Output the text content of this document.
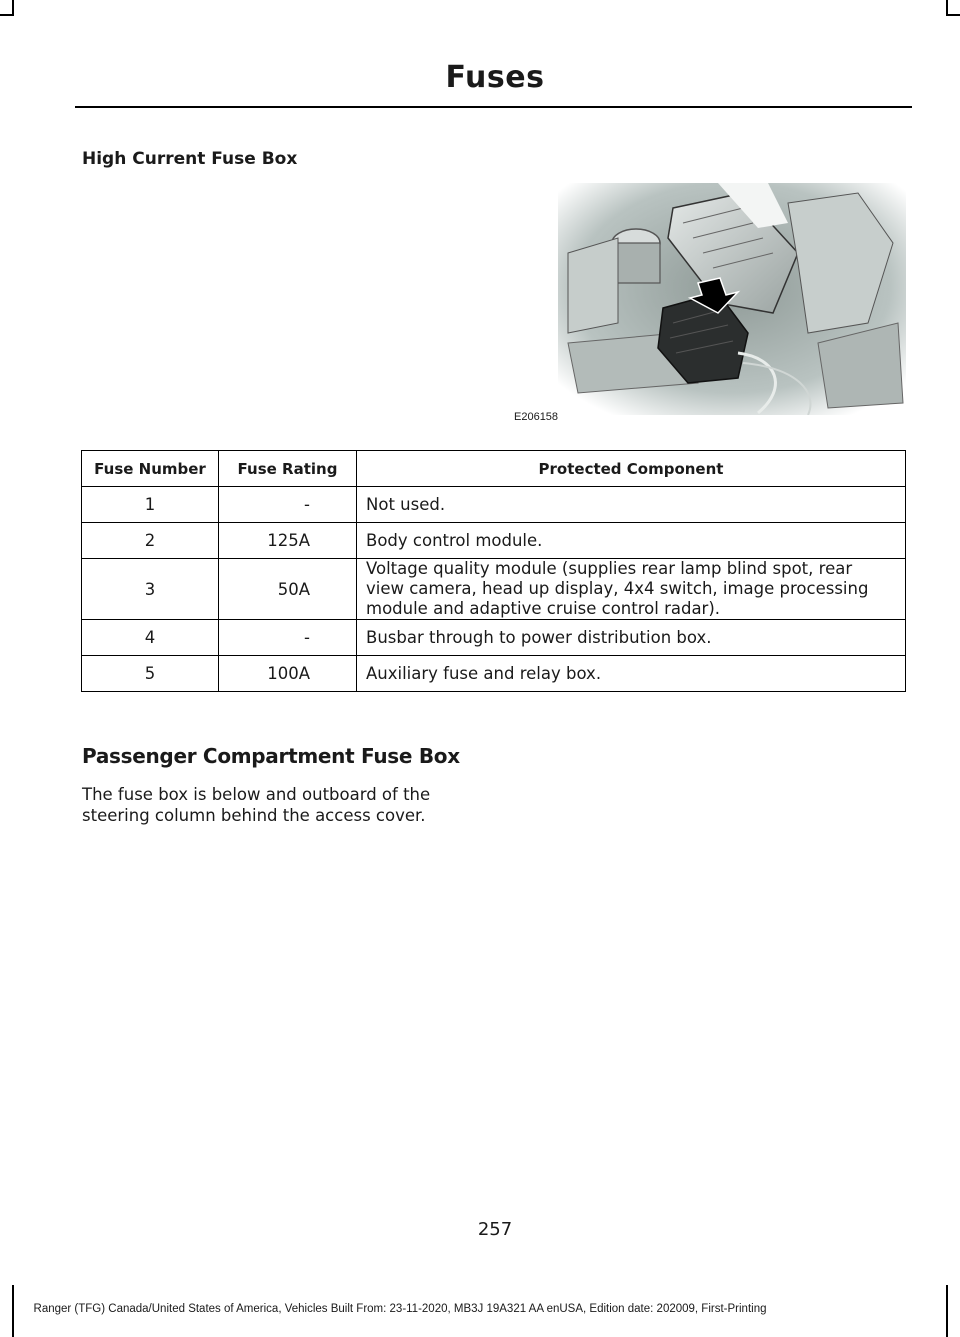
Fuses
High Current Fuse Box
E206158
Fuse Number	Fuse Rating	Protected Component
1	-	Not used.
2	125A	Body control module.
3	50A	Voltage quality module (supplies rear lamp blind spot, rear view camera, head up display, 4x4 switch, image processing module and adaptive cruise control radar).
4	-	Busbar through to power distribution box.
5	100A	Auxiliary fuse and relay box.
Passenger Compartment Fuse Box
The fuse box is below and outboard of the steering column behind the access cover.
257
Ranger (TFG) Canada/United States of America, Vehicles Built From: 23-11-2020, MB3J 19A321 AA enUSA, Edition date: 202009, First-Printing
